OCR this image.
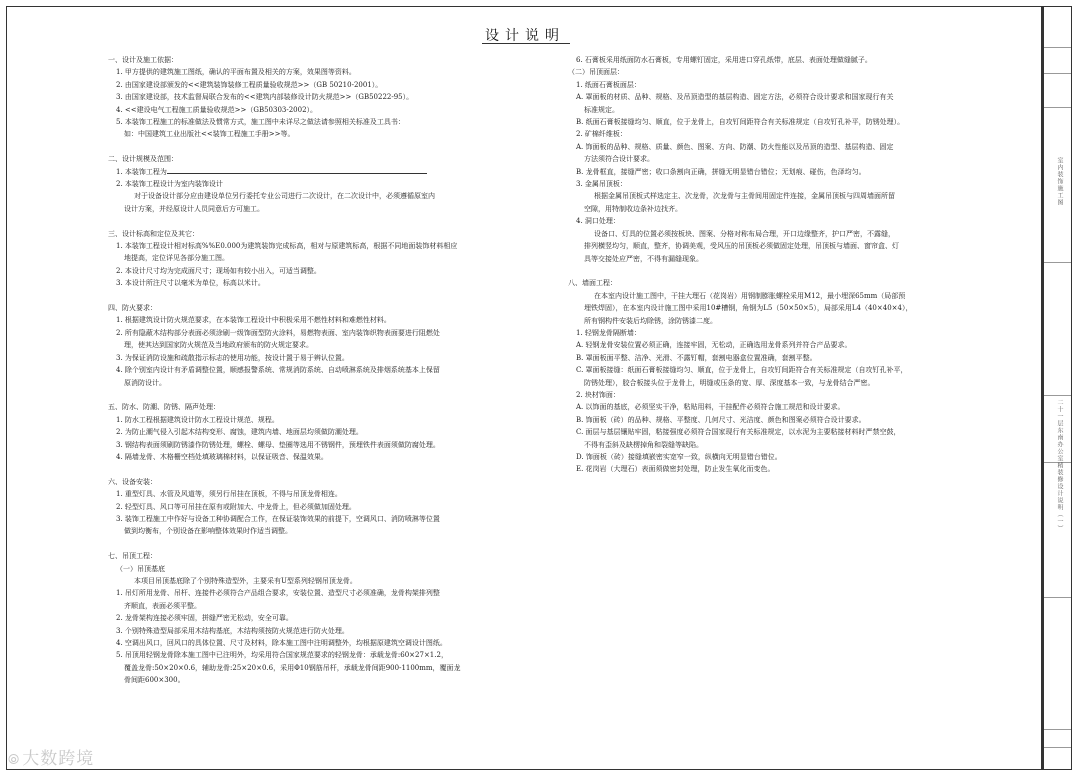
设计说明
一、设计及施工依据：
1. 甲方提供的建筑施工图纸，确认的平面布置及相关的方案，效果图等资料。
2. 由国家建设部颁发的<<建筑装饰装修工程质量验收规范>>（GB 50210-2001）。
3. 由国家建设部，技术监督局联合发布的<<建筑内部装修设计防火规范>>（GB50222-95）。
4. <<建设电气工程施工质量验收规范>>（GB50303-2002）。
5. 本装饰工程施工的标准做法及惯常方式，施工图中未详尽之做法请参照相关标准及工具书：
如：中国建筑工业出版社<<装饰工程施工手册>>等。
二、设计规模及范围：
1. 本装饰工程为
2. 本装饰工程设计为室内装饰设计
对于设备设计部分应由建设单位另行委托专业公司进行二次设计，在二次设计中，必须遵循原室内
设计方案，并经原设计人员同意后方可施工。
三、设计标高和定位及其它：
1. 本装饰工程设计相对标高%%E0.000为建筑装饰完成标高，相对与原建筑标高，根据不同地面装饰材料相应
地提高，定位详见各部分施工图。
2. 本设计尺寸均为完成面尺寸；现场如有较小出入，可适当调整。
3. 本设计所注尺寸以毫米为单位，标高以米计。
四、防火要求：
1. 根据建筑设计防火规范要求，在本装饰工程设计中积极采用不燃性材料和难燃性材料。
2. 所有隐蔽木结构部分表面必须涂刷一级饰面型防火涂料，易燃物表面、室内装饰织物表面要进行阻燃处
理，使其达到国家防火规范及当地政府颁布的防火规定要求。
3. 为保证消防设施和疏散指示标志的使用功能，按设计置于易于辨认位置。
4. 除个别室内设计有矛盾调整位置，顺感报警系统、常规消防系统、自动喷淋系统及排烟系统基本上保留
原消防设计。
五、防水、防潮、防锈、隔声处理：
1. 防水工程根据建筑设计防水工程设计规范、规程。
2. 为防止潮气侵入引起木结构变形、腐蚀，建筑内墙、地面层均须做防潮处理。
3. 钢结构表面须刷防锈漆作防锈处理，螺栓、螺母、垫圈等选用不锈钢件，预埋铁件表面须做防腐处理。
4. 隔墙龙骨、木格栅空档处填玻璃棉材料，以保证吸音、保温效果。
六、设备安装：
1. 重型灯具、水管及风道等，须另行吊挂在顶板，不得与吊顶龙骨相连。
2. 轻型灯具、风口等可吊挂在原有或附加大、中龙骨上，但必须做加固处理。
3. 装饰工程施工中作好与设备工种协调配合工作，在保证装饰效果的前提下，空调风口、消防喷淋等位置
做到均衡布，个别设备在影响整体效果时作适当调整。
七、吊顶工程：
（一）吊顶基底
本项目吊顶基底除了个别特殊造型外，主要采有U型系列轻钢吊顶龙骨。
1. 吊灯所用龙骨、吊杆、连接件必须符合产品组合要求，安装位置、造型尺寸必须准确，龙骨构架排列整
齐顺直，表面必须平整。
2. 龙骨架构连接必须牢固，拼缝严密无松动，安全可靠。
3. 个别特殊造型局部采用木结构基底，木结构须按防火规范进行防火处理。
4. 空调出风口，回风口的具体位置、尺寸及材料，除本施工图中注明调整外，均根据原建筑空调设计图纸。
5. 吊顶用轻钢龙骨除本施工图中已注明外，均采用符合国家规范要求的轻钢龙骨：承载龙骨:60×27×1.2，
覆盖龙骨:50×20×0.6，辅助龙骨:25×20×0.6，采用Φ10钢筋吊杆，承载龙骨间距900-1100mm，覆面龙
骨间距600×300。
6. 石膏板采用纸面防水石膏板，专用螺钉固定，采用进口穿孔纸带，底层、表面处理做缝腻子。
（二）吊顶面层：
1. 纸面石膏板面层：
A. 罩面板的材质、品种、规格、及吊顶造型的基层构造、固定方法，必须符合设计要求和国家现行有关
标准规定。
B. 纸面石膏板接缝均匀、顺直，位于龙骨上，自攻钉间距符合有关标准规定（自攻钉孔补平，防锈处理）。
2. 矿棉纤维板：
A. 饰面板的品种、规格、质量、颜色、图案、方向、防潮、防火性能以及吊顶的造型、基层构造、固定
方法须符合设计要求。
B. 龙骨框直，接缝严密；收口条割向正确，拼缝无明显错台错位；无划痕、碰伤，色泽均匀。
3. 金属吊顶板：
根据金属吊顶板式样选定主、次龙骨，次龙骨与主骨间用固定件连接，金属吊顶板与四周墙面所留
空隙，用特制收边条补边找齐。
4. 洞口处理：
设备口、灯具的位置必须按板块、图案、分格对称布局合理，开口边缘整齐，护口严密，不露缝，
排列横竖均匀，顺直，整齐，协调美观，受风压的吊顶板必须做固定处理，吊顶板与墙面、窗帘盒、灯
具等交接处应严密，不得有漏缝现象。
八、墙面工程：
在本室内设计施工图中，干挂大理石（花岗岩）用钢制膨胀螺栓采用M12，最小埋深65mm（局部预
埋铁焊固），在本室内设计施工图中采用10#槽钢，角钢为L5（50×50×5），局部采用L4（40×40×4），
所有钢构件安装后均除锈，涂防锈漆二度。
1. 轻钢龙骨隔断墙：
A. 轻钢龙骨安装位置必须正确，连接牢固，无松动，正确选用龙骨系列并符合产品要求。
B. 罩面板面平整、洁净、光滑、不露钉帽，套割电器盒位置准确，套割平整。
C. 罩面板接缝：纸面石膏板接缝均匀、顺直，位于龙骨上，自攻钉间距符合有关标准规定（自攻钉孔补平，
防锈处理），胶合板接头位于龙骨上，明缝或压条的宽、厚、深度基本一致，与龙骨结合严密。
2. 块材饰面：
A. 以饰面的基底，必须坚实干净，粘贴用料，干挂配件必须符合施工规范和设计要求。
B. 饰面板（砖）的品种、规格、平整度、几何尺寸、光洁度、颜色和图案必须符合设计要求。
C. 面层与基层镶贴牢固，粘接强度必须符合国家现行有关标准规定，以水泥为主要粘接材料时严禁空鼓，
不得有歪斜及缺楞掉角和裂缝等缺陷。
D. 饰面板（砖）接缝填嵌密实宽窄一致，纵横向无明显错台错位。
E. 花岗岩（大理石）表面须做密封处理，防止发生氧化而变色。
室内装饰施工图
二十一层东南办公室精装修设计说明（一）
⦾ 大数跨境
